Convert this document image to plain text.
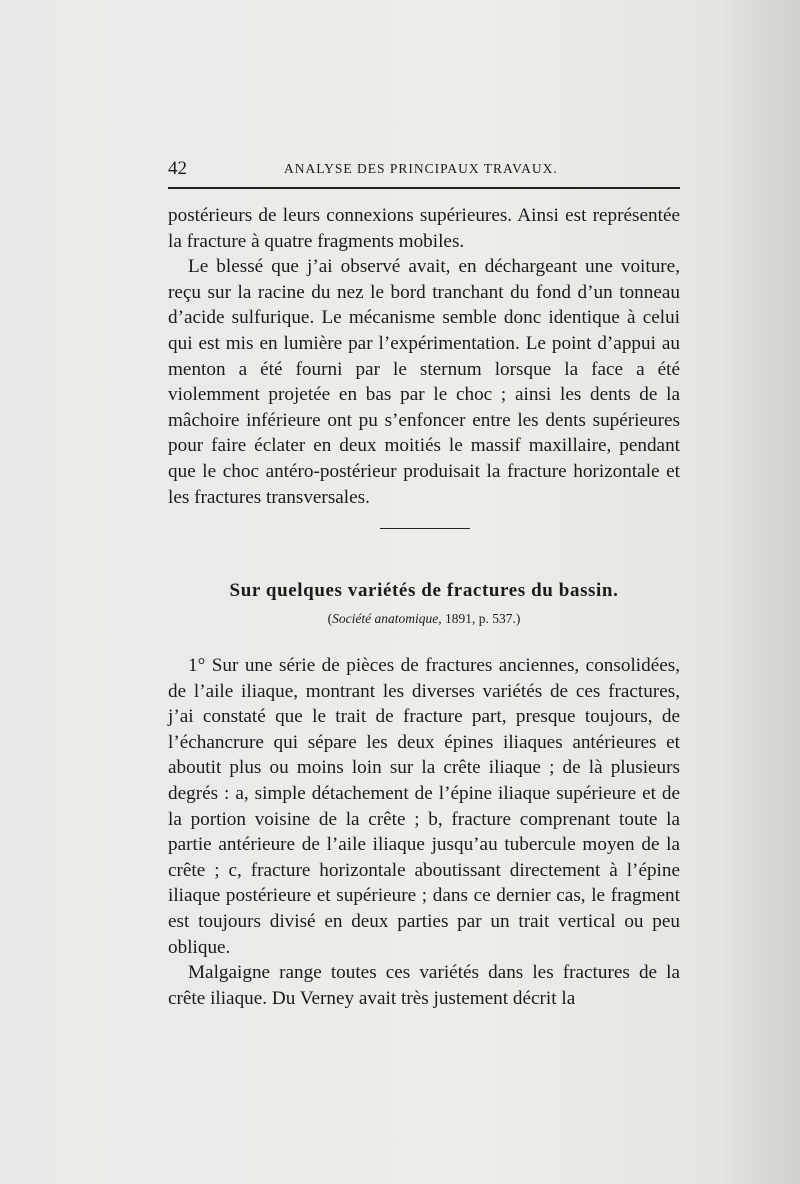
42	ANALYSE DES PRINCIPAUX TRAVAUX.

postérieurs de leurs connexions supérieures. Ainsi est représentée la fracture à quatre fragments mobiles.

Le blessé que j’ai observé avait, en déchargeant une voiture, reçu sur la racine du nez le bord tranchant du fond d’un tonneau d’acide sulfurique. Le mécanisme semble donc identique à celui qui est mis en lumière par l’expérimentation. Le point d’appui au menton a été fourni par le sternum lorsque la face a été violemment projetée en bas par le choc ; ainsi les dents de la mâchoire inférieure ont pu s’enfoncer entre les dents supérieures pour faire éclater en deux moitiés le massif maxillaire, pendant que le choc antéro-postérieur produisait la fracture horizontale et les fractures transversales.

Sur quelques variétés de fractures du bassin.
(Société anatomique, 1891, p. 537.)

1° Sur une série de pièces de fractures anciennes, consolidées, de l’aile iliaque, montrant les diverses variétés de ces fractures, j’ai constaté que le trait de fracture part, presque toujours, de l’échancrure qui sépare les deux épines iliaques antérieures et aboutit plus ou moins loin sur la crête iliaque ; de là plusieurs degrés : a, simple détachement de l’épine iliaque supérieure et de la portion voisine de la crête ; b, fracture comprenant toute la partie antérieure de l’aile iliaque jusqu’au tubercule moyen de la crête ; c, fracture horizontale aboutissant directement à l’épine iliaque postérieure et supérieure ; dans ce dernier cas, le fragment est toujours divisé en deux parties par un trait vertical ou peu oblique.

Malgaigne range toutes ces variétés dans les fractures de la crête iliaque. Du Verney avait très justement décrit la
